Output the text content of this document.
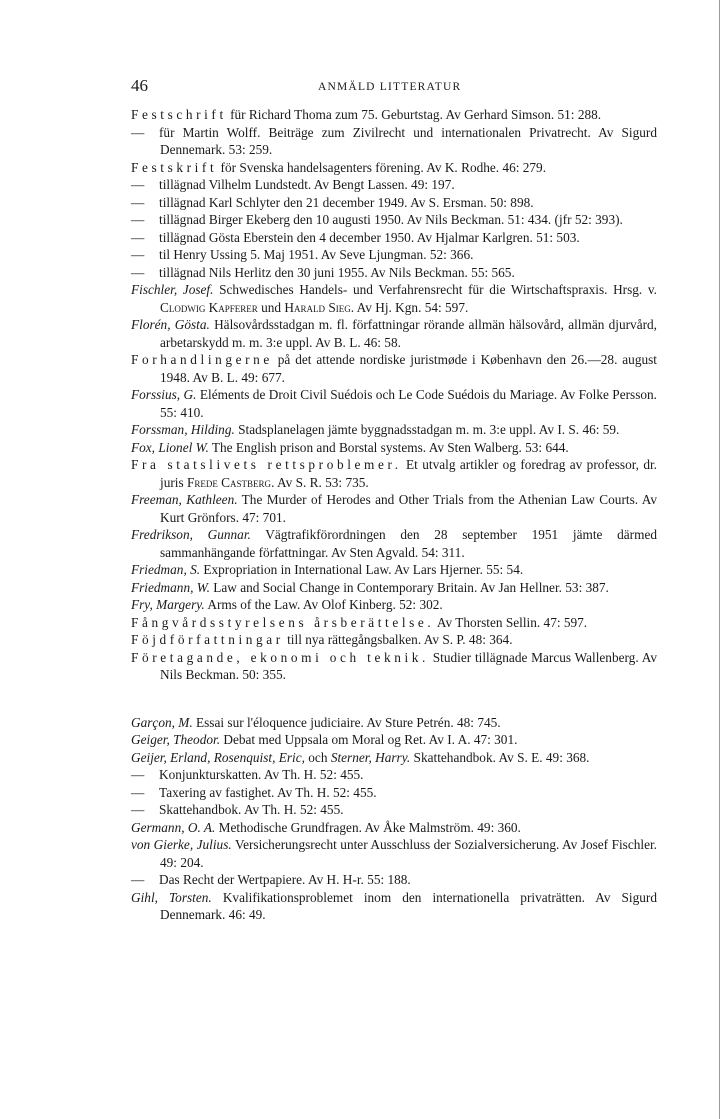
46	ANMÄLD LITTERATUR
Festschrift für Richard Thoma zum 75. Geburtstag. Av Gerhard Simson. 51: 288.
— für Martin Wolff. Beiträge zum Zivilrecht und internationalen Privatrecht. Av Sigurd Dennemark. 53: 259.
Festskrift för Svenska handelsagenters förening. Av K. Rodhe. 46: 279.
— tillägnad Vilhelm Lundstedt. Av Bengt Lassen. 49: 197.
— tillägnad Karl Schlyter den 21 december 1949. Av S. Ersman. 50: 898.
— tillägnad Birger Ekeberg den 10 augusti 1950. Av Nils Beckman. 51: 434. (jfr 52: 393).
— tillägnad Gösta Eberstein den 4 december 1950. Av Hjalmar Karlgren. 51: 503.
— til Henry Ussing 5. Maj 1951. Av Seve Ljungman. 52: 366.
— tillägnad Nils Herlitz den 30 juni 1955. Av Nils Beckman. 55: 565.
Fischler, Josef. Schwedisches Handels- und Verfahrensrecht für die Wirtschaftspraxis. Hrsg. v. Clodwig Kapferer und Harald Sieg. Av Hj. Kgn. 54: 597.
Florén, Gösta. Hälsovårdsstadgan m. fl. författningar rörande allmän hälsovård, allmän djurvård, arbetarskydd m. m. 3:e uppl. Av B. L. 46: 58.
Forhandlingerne på det attende nordiske juristmøde i København den 26.—28. august 1948. Av B. L. 49: 677.
Forssius, G. Eléments de Droit Civil Suédois och Le Code Suédois du Mariage. Av Folke Persson. 55: 410.
Forssman, Hilding. Stadsplanelagen jämte byggnadsstadgan m. m. 3:e uppl. Av I. S. 46: 59.
Fox, Lionel W. The English prison and Borstal systems. Av Sten Walberg. 53: 644.
Fra statslivets rettsproblemer. Et utvalg artikler og foredrag av professor, dr. juris Frede Castberg. Av S. R. 53: 735.
Freeman, Kathleen. The Murder of Herodes and Other Trials from the Athenian Law Courts. Av Kurt Grönfors. 47: 701.
Fredrikson, Gunnar. Vägtrafikförordningen den 28 september 1951 jämte därmed sammanhängande författningar. Av Sten Agvald. 54: 311.
Friedman, S. Expropriation in International Law. Av Lars Hjerner. 55: 54.
Friedmann, W. Law and Social Change in Contemporary Britain. Av Jan Hellner. 53: 387.
Fry, Margery. Arms of the Law. Av Olof Kinberg. 52: 302.
Fångvårdsstyrelsens årsberättelse. Av Thorsten Sellin. 47: 597.
Föjdförfattningar till nya rättegångsbalken. Av S. P. 48: 364.
Företagande, ekonomi och teknik. Studier tillägnade Marcus Wallenberg. Av Nils Beckman. 50: 355.
Garçon, M. Essai sur l'éloquence judiciaire. Av Sture Petrén. 48: 745.
Geiger, Theodor. Debat med Uppsala om Moral og Ret. Av I. A. 47: 301.
Geijer, Erland, Rosenquist, Eric, och Sterner, Harry. Skattehandbok. Av S. E. 49: 368.
— Konjunkturskatten. Av Th. H. 52: 455.
— Taxering av fastighet. Av Th. H. 52: 455.
— Skattehandbok. Av Th. H. 52: 455.
Germann, O. A. Methodische Grundfragen. Av Åke Malmström. 49: 360.
von Gierke, Julius. Versicherungsrecht unter Ausschluss der Sozialversicherung. Av Josef Fischler. 49: 204.
— Das Recht der Wertpapiere. Av H. H-r. 55: 188.
Gihl, Torsten. Kvalifikationsproblemet inom den internationella privaträtten. Av Sigurd Dennemark. 46: 49.
